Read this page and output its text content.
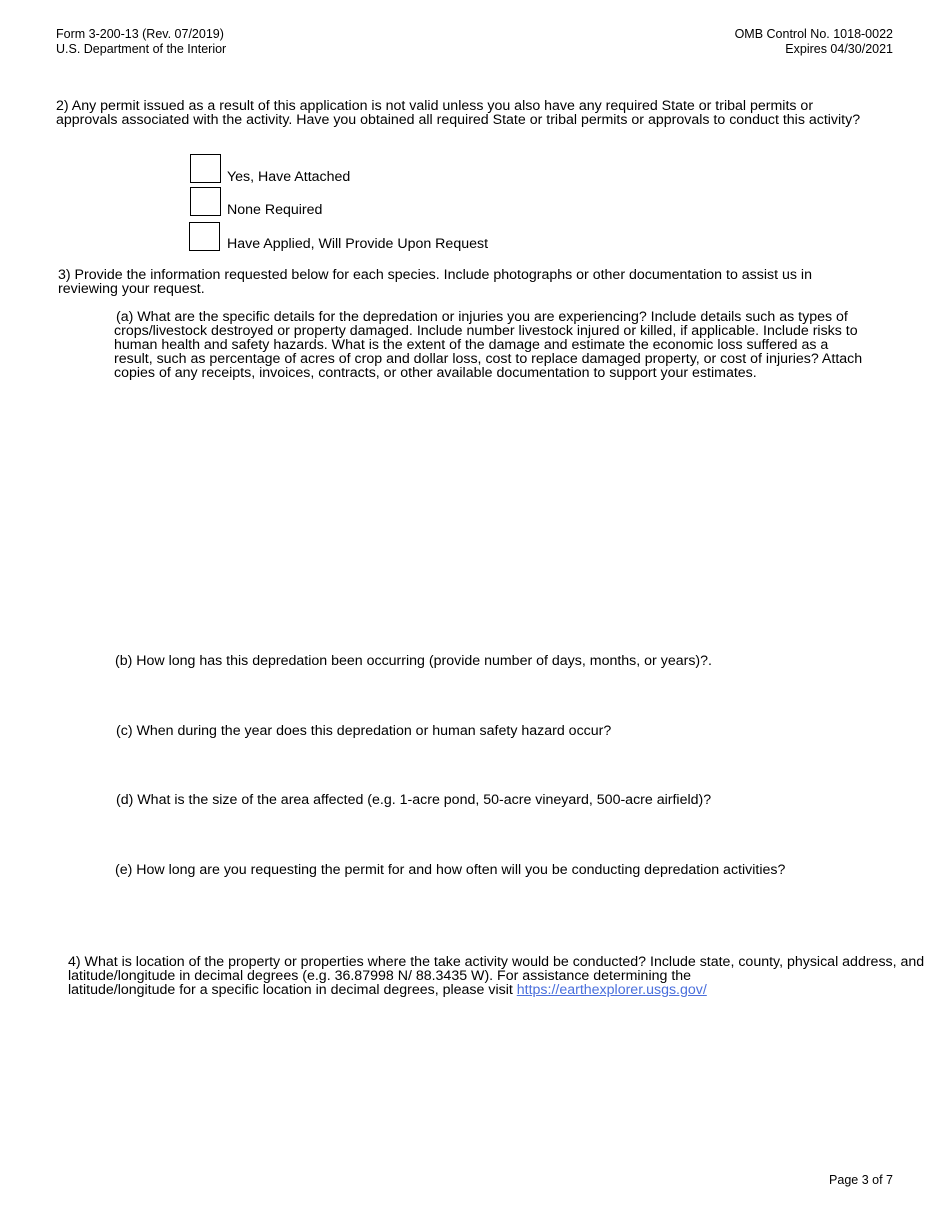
Form 3-200-13 (Rev. 07/2019)
U.S. Department of the Interior
OMB Control No. 1018-0022
Expires 04/30/2021
2) Any permit issued as a result of this application is not valid unless you also have any required State or tribal permits or
approvals associated with the activity. Have you obtained all required State or tribal permits or approvals to conduct this activity?
Yes, Have Attached
None Required
Have Applied, Will Provide Upon Request
3) Provide the information requested below for each species. Include photographs or other documentation to assist us in
reviewing your request.
(a) What are the specific details for the depredation or injuries you are experiencing? Include details such as types of
crops/livestock destroyed or property damaged. Include number livestock injured or killed, if applicable. Include risks to
human health and safety hazards. What is the extent of the damage and estimate the economic loss suffered as a
result, such as percentage of acres of crop and dollar loss, cost to replace damaged property, or cost of injuries? Attach
copies of any receipts, invoices, contracts, or other available documentation to support your estimates.
(b) How long has this depredation been occurring (provide number of days, months, or years)?.
(c) When during the year does this depredation or human safety hazard occur?
(d) What is the size of the area affected (e.g. 1-acre pond, 50-acre vineyard, 500-acre airfield)?
(e) How long are you requesting the permit for and how often will you be conducting depredation activities?
4) What is location of the property or properties where the take activity would be conducted? Include state, county, physical address, and
latitude/longitude in decimal degrees (e.g. 36.87998 N/ 88.3435 W). For assistance determining the
latitude/longitude for a specific location in decimal degrees, please visit https://earthexplorer.usgs.gov/
Page 3 of 7
